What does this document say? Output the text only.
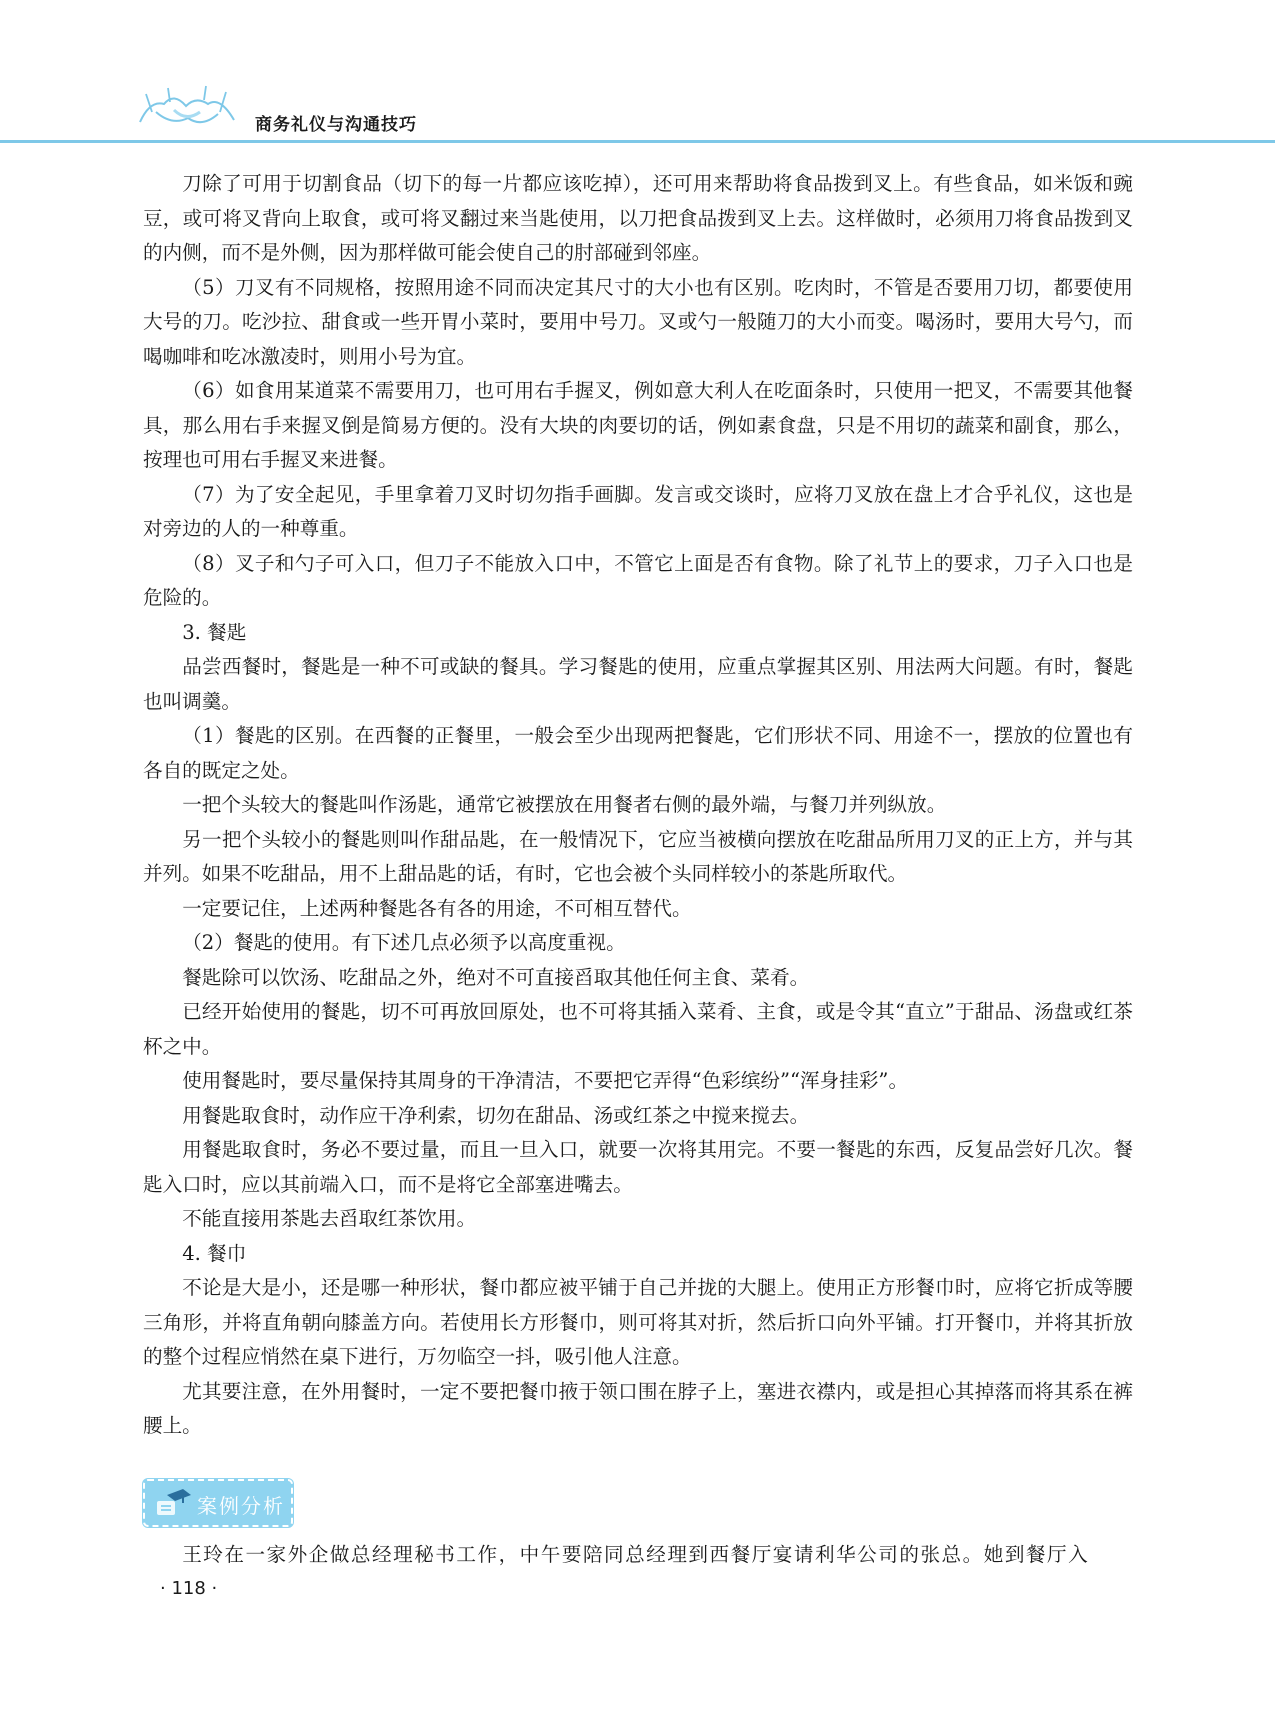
商务礼仪与沟通技巧

刀除了可用于切割食品（切下的每一片都应该吃掉），还可用来帮助将食品拨到叉上。有些食品，如米饭和豌豆，或可将叉背向上取食，或可将叉翻过来当匙使用，以刀把食品拨到叉上去。这样做时，必须用刀将食品拨到叉的内侧，而不是外侧，因为那样做可能会使自己的肘部碰到邻座。

（5）刀叉有不同规格，按照用途不同而决定其尺寸的大小也有区别。吃肉时，不管是否要用刀切，都要使用大号的刀。吃沙拉、甜食或一些开胃小菜时，要用中号刀。叉或勺一般随刀的大小而变。喝汤时，要用大号勺，而喝咖啡和吃冰激凌时，则用小号为宜。

（6）如食用某道菜不需要用刀，也可用右手握叉，例如意大利人在吃面条时，只使用一把叉，不需要其他餐具，那么用右手来握叉倒是简易方便的。没有大块的肉要切的话，例如素食盘，只是不用切的蔬菜和副食，那么，按理也可用右手握叉来进餐。

（7）为了安全起见，手里拿着刀叉时切勿指手画脚。发言或交谈时，应将刀叉放在盘上才合乎礼仪，这也是对旁边的人的一种尊重。

（8）叉子和勺子可入口，但刀子不能放入口中，不管它上面是否有食物。除了礼节上的要求，刀子入口也是危险的。

3. 餐匙

品尝西餐时，餐匙是一种不可或缺的餐具。学习餐匙的使用，应重点掌握其区别、用法两大问题。有时，餐匙也叫调羹。

（1）餐匙的区别。在西餐的正餐里，一般会至少出现两把餐匙，它们形状不同、用途不一，摆放的位置也有各自的既定之处。

一把个头较大的餐匙叫作汤匙，通常它被摆放在用餐者右侧的最外端，与餐刀并列纵放。

另一把个头较小的餐匙则叫作甜品匙，在一般情况下，它应当被横向摆放在吃甜品所用刀叉的正上方，并与其并列。如果不吃甜品，用不上甜品匙的话，有时，它也会被个头同样较小的茶匙所取代。

一定要记住，上述两种餐匙各有各的用途，不可相互替代。

（2）餐匙的使用。有下述几点必须予以高度重视。

餐匙除可以饮汤、吃甜品之外，绝对不可直接舀取其他任何主食、菜肴。

已经开始使用的餐匙，切不可再放回原处，也不可将其插入菜肴、主食，或是令其“直立”于甜品、汤盘或红茶杯之中。

使用餐匙时，要尽量保持其周身的干净清洁，不要把它弄得“色彩缤纷”“浑身挂彩”。

用餐匙取食时，动作应干净利索，切勿在甜品、汤或红茶之中搅来搅去。

用餐匙取食时，务必不要过量，而且一旦入口，就要一次将其用完。不要一餐匙的东西，反复品尝好几次。餐匙入口时，应以其前端入口，而不是将它全部塞进嘴去。

不能直接用茶匙去舀取红茶饮用。

4. 餐巾

不论是大是小，还是哪一种形状，餐巾都应被平铺于自己并拢的大腿上。使用正方形餐巾时，应将它折成等腰三角形，并将直角朝向膝盖方向。若使用长方形餐巾，则可将其对折，然后折口向外平铺。打开餐巾，并将其折放的整个过程应悄然在桌下进行，万勿临空一抖，吸引他人注意。

尤其要注意，在外用餐时，一定不要把餐巾掖于领口围在脖子上，塞进衣襟内，或是担心其掉落而将其系在裤腰上。

案例分析

王玲在一家外企做总经理秘书工作，中午要陪同总经理到西餐厅宴请利华公司的张总。她到餐厅入

· 118 ·
